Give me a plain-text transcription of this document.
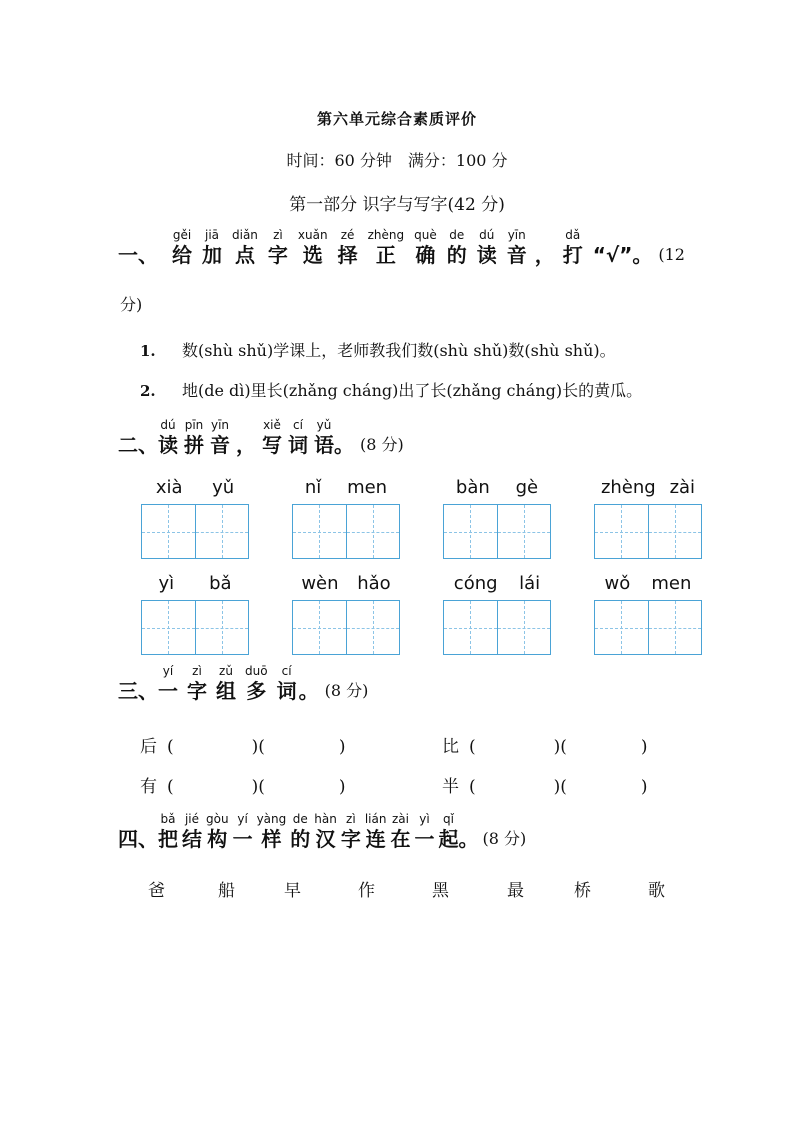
第六单元综合素质评价
时间：60 分钟　满分：100 分
第一部分 识字与写字(42 分)
一、
gěi
给
jiā
加
diǎn
点
zì
字
xuǎn
选
zé
择
zhèng
正
què
确
de
的
dú
读
yīn
音 ，
dǎ
打 “√”。 (12
分)
1. 数(shù shǔ)学课上，老师教我们数(shù shǔ)数(shù shǔ)。
2. 地(de dì)里长(zhǎng cháng)出了长(zhǎng cháng)长的黄瓜。
二、
dú
读
pīn
拼
yīn
音 ，
xiě
写
cí
词
yǔ
语 。 (8 分)
xià yǔ	nǐ men	bàn gè	zhèng zài
yì bǎ	wèn hǎo	cóng lái	wǒ men
三、
yí
一
zì
字
zǔ
组
duō
多
cí
词 。 (8 分)
后 (	)(	)	比 (	)(	)
有 (	)(	)	半 (	)(	)
四、
bǎ
把
jié
结
gòu
构
yí
一
yàng
样
de
的
hàn
汉
zì
字
lián
连
zài
在
yì
一
qǐ
起 。 (8 分)
爸	船	早	作	黑	最	桥	歌
